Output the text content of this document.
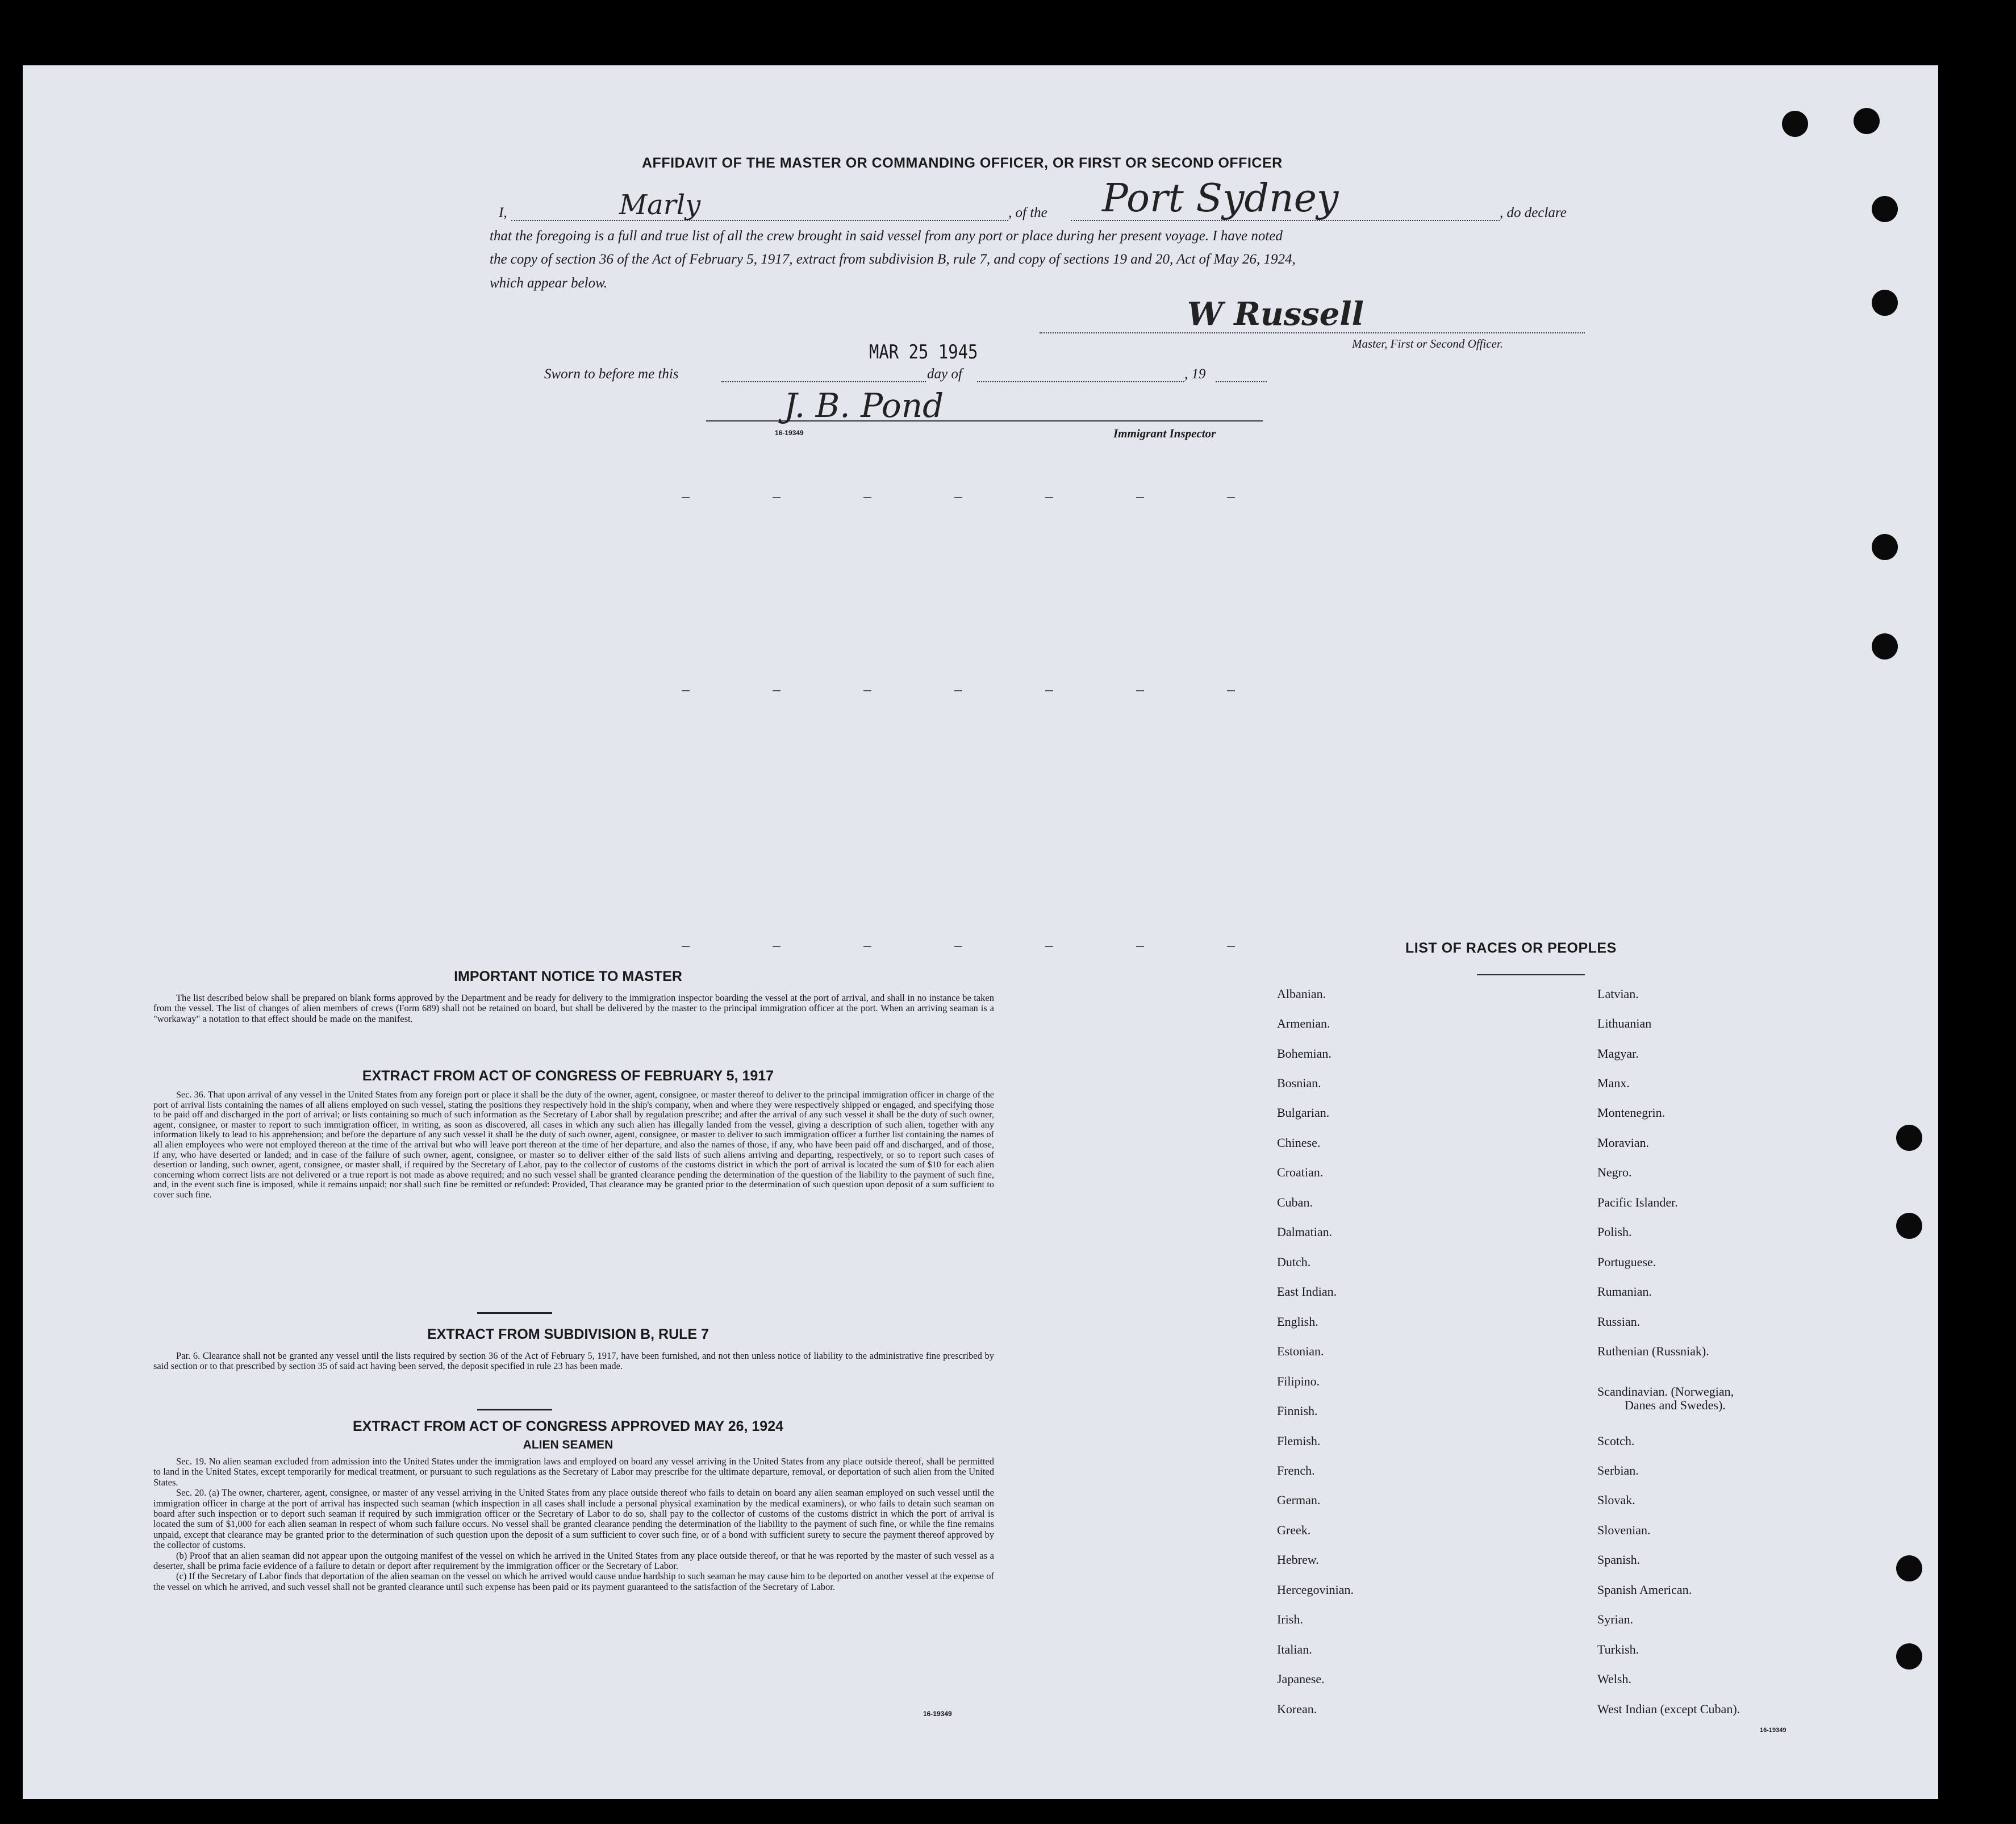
AFFIDAVIT OF THE MASTER OR COMMANDING OFFICER, OR FIRST OR SECOND OFFICER
I,	Marly	, of the Port Sydney	, do declare
that the foregoing is a full and true list of all the crew brought in said vessel from any port or place during her present voyage. I have noted
the copy of section 36 of the Act of February 5, 1917, extract from subdivision B, rule 7, and copy of sections 19 and 20, Act of May 26, 1924,
which appear below.
W Russell
Master, First or Second Officer.
MAR 25 1945
Sworn to before me this	day of	, 19
J. B. Pond
16-19349	Immigrant Inspector
IMPORTANT NOTICE TO MASTER
The list described below shall be prepared on blank forms approved by the Department and be ready for delivery to the immigration inspector boarding the vessel at the port of arrival, and shall in no instance be taken from the vessel. The list of changes of alien members of crews (Form 689) shall not be retained on board, but shall be delivered by the master to the principal immigration officer at the port. When an arriving seaman is a "workaway" a notation to that effect should be made on the manifest.
EXTRACT FROM ACT OF CONGRESS OF FEBRUARY 5, 1917
Sec. 36. That upon arrival of any vessel in the United States from any foreign port or place it shall be the duty of the owner, agent, consignee, or master thereof to deliver to the principal immigration officer in charge of the port of arrival lists containing the names of all aliens employed on such vessel, stating the positions they respectively hold in the ship's company, when and where they were respectively shipped or engaged, and specifying those to be paid off and discharged in the port of arrival; or lists containing so much of such information as the Secretary of Labor shall by regulation prescribe; and after the arrival of any such vessel it shall be the duty of such owner, agent, consignee, or master to report to such immigration officer, in writing, as soon as discovered, all cases in which any such alien has illegally landed from the vessel, giving a description of such alien, together with any information likely to lead to his apprehension; and before the departure of any such vessel it shall be the duty of such owner, agent, consignee, or master to deliver to such immigration officer a further list containing the names of all alien employees who were not employed thereon at the time of the arrival but who will leave port thereon at the time of her departure, and also the names of those, if any, who have been paid off and discharged, and of those, if any, who have deserted or landed; and in case of the failure of such owner, agent, consignee, or master so to deliver either of the said lists of such aliens arriving and departing, respectively, or so to report such cases of desertion or landing, such owner, agent, consignee, or master shall, if required by the Secretary of Labor, pay to the collector of customs of the customs district in which the port of arrival is located the sum of $10 for each alien concerning whom correct lists are not delivered or a true report is not made as above required; and no such vessel shall be granted clearance pending the determination of the question of the liability to the payment of such fine, and, in the event such fine is imposed, while it remains unpaid; nor shall such fine be remitted or refunded: Provided, That clearance may be granted prior to the determination of such question upon deposit of a sum sufficient to cover such fine.
EXTRACT FROM SUBDIVISION B, RULE 7
Par. 6. Clearance shall not be granted any vessel until the lists required by section 36 of the Act of February 5, 1917, have been furnished, and not then unless notice of liability to the administrative fine prescribed by said section or to that prescribed by section 35 of said act having been served, the deposit specified in rule 23 has been made.
EXTRACT FROM ACT OF CONGRESS APPROVED MAY 26, 1924
ALIEN SEAMEN
Sec. 19. No alien seaman excluded from admission into the United States under the immigration laws and employed on board any vessel arriving in the United States from any place outside thereof, shall be permitted to land in the United States, except temporarily for medical treatment, or pursuant to such regulations as the Secretary of Labor may prescribe for the ultimate departure, removal, or deportation of such alien from the United States.
Sec. 20. (a) The owner, charterer, agent, consignee, or master of any vessel arriving in the United States from any place outside thereof who fails to detain on board any alien seaman employed on such vessel until the immigration officer in charge at the port of arrival has inspected such seaman (which inspection in all cases shall include a personal physical examination by the medical examiners), or who fails to detain such seaman on board after such inspection or to deport such seaman if required by such immigration officer or the Secretary of Labor to do so, shall pay to the collector of customs of the customs district in which the port of arrival is located the sum of $1,000 for each alien seaman in respect of whom such failure occurs. No vessel shall be granted clearance pending the determination of the liability to the payment of such fine, or while the fine remains unpaid, except that clearance may be granted prior to the determination of such question upon the deposit of a sum sufficient to cover such fine, or of a bond with sufficient surety to secure the payment thereof approved by the collector of customs.
(b) Proof that an alien seaman did not appear upon the outgoing manifest of the vessel on which he arrived in the United States from any place outside thereof, or that he was reported by the master of such vessel as a deserter, shall be prima facie evidence of a failure to detain or deport after requirement by the immigration officer or the Secretary of Labor.
(c) If the Secretary of Labor finds that deportation of the alien seaman on the vessel on which he arrived would cause undue hardship to such seaman he may cause him to be deported on another vessel at the expense of the vessel on which he arrived, and such vessel shall not be granted clearance until such expense has been paid or its payment guaranteed to the satisfaction of the Secretary of Labor.
16-19349
LIST OF RACES OR PEOPLES
Albanian.
Armenian.
Bohemian.
Bosnian.
Bulgarian.
Chinese.
Croatian.
Cuban.
Dalmatian.
Dutch.
East Indian.
English.
Estonian.
Filipino.
Finnish.
Flemish.
French.
German.
Greek.
Hebrew.
Hercegovinian.
Irish.
Italian.
Japanese.
Korean.
Latvian.
Lithuanian
Magyar.
Manx.
Montenegrin.
Moravian.
Negro.
Pacific Islander.
Polish.
Portuguese.
Rumanian.
Russian.
Ruthenian (Russniak).
Scandinavian. (Norwegian,
Danes and Swedes).
Scotch.
Serbian.
Slovak.
Slovenian.
Spanish.
Spanish American.
Syrian.
Turkish.
Welsh.
West Indian (except Cuban).
16-19349
